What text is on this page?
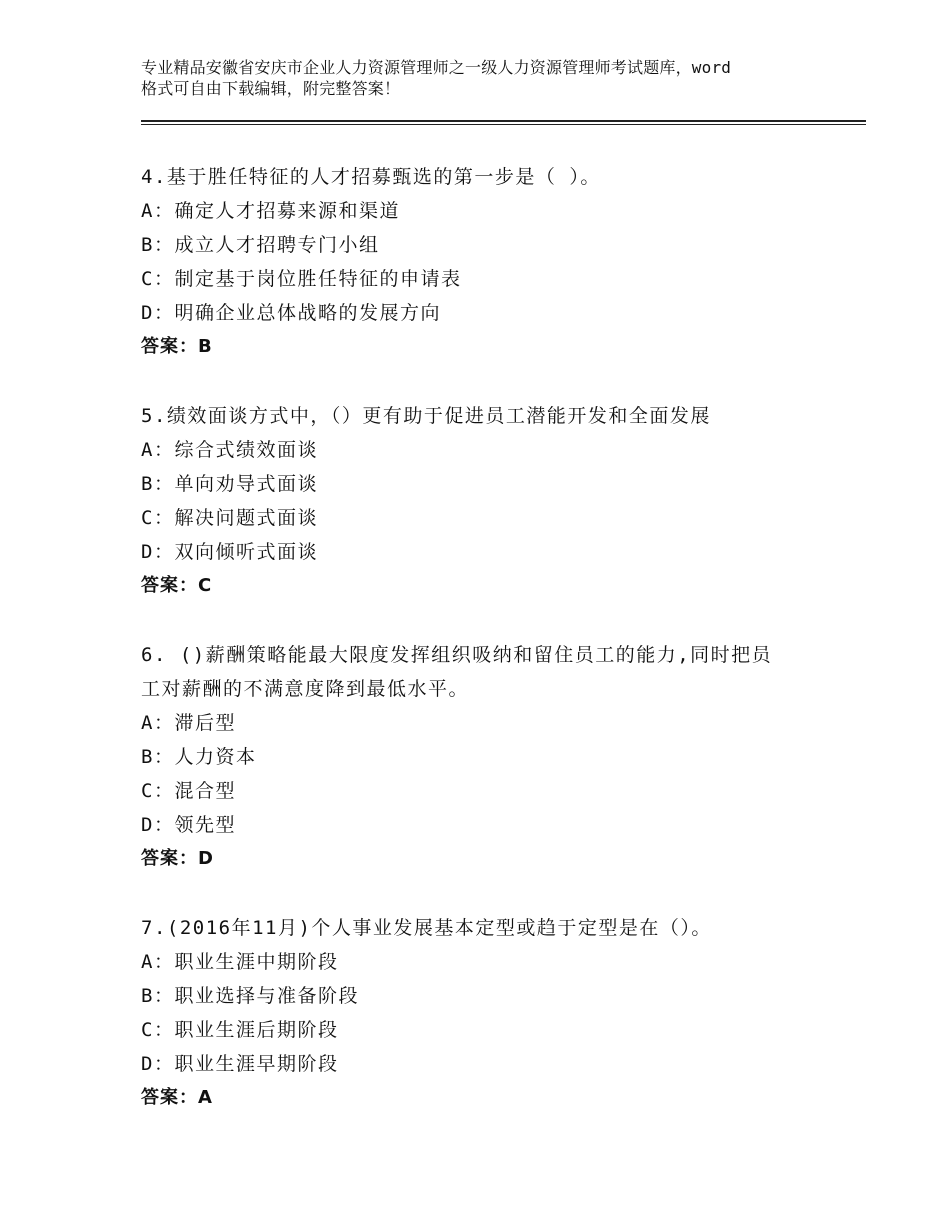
专业精品安徽省安庆市企业人力资源管理师之一级人力资源管理师考试题库，word
格式可自由下载编辑，附完整答案！
4.基于胜任特征的人才招募甄选的第一步是（ ）。
A：确定人才招募来源和渠道
B：成立人才招聘专门小组
C：制定基于岗位胜任特征的申请表
D：明确企业总体战略的发展方向
答案：B
5.绩效面谈方式中，（）更有助于促进员工潜能开发和全面发展
A：综合式绩效面谈
B：单向劝导式面谈
C：解决问题式面谈
D：双向倾听式面谈
答案：C
6. ()薪酬策略能最大限度发挥组织吸纳和留住员工的能力,同时把员
工对薪酬的不满意度降到最低水平。
A：滞后型
B：人力资本
C：混合型
D：领先型
答案：D
7.(2016年11月)个人事业发展基本定型或趋于定型是在（）。
A：职业生涯中期阶段
B：职业选择与准备阶段
C：职业生涯后期阶段
D：职业生涯早期阶段
答案：A
